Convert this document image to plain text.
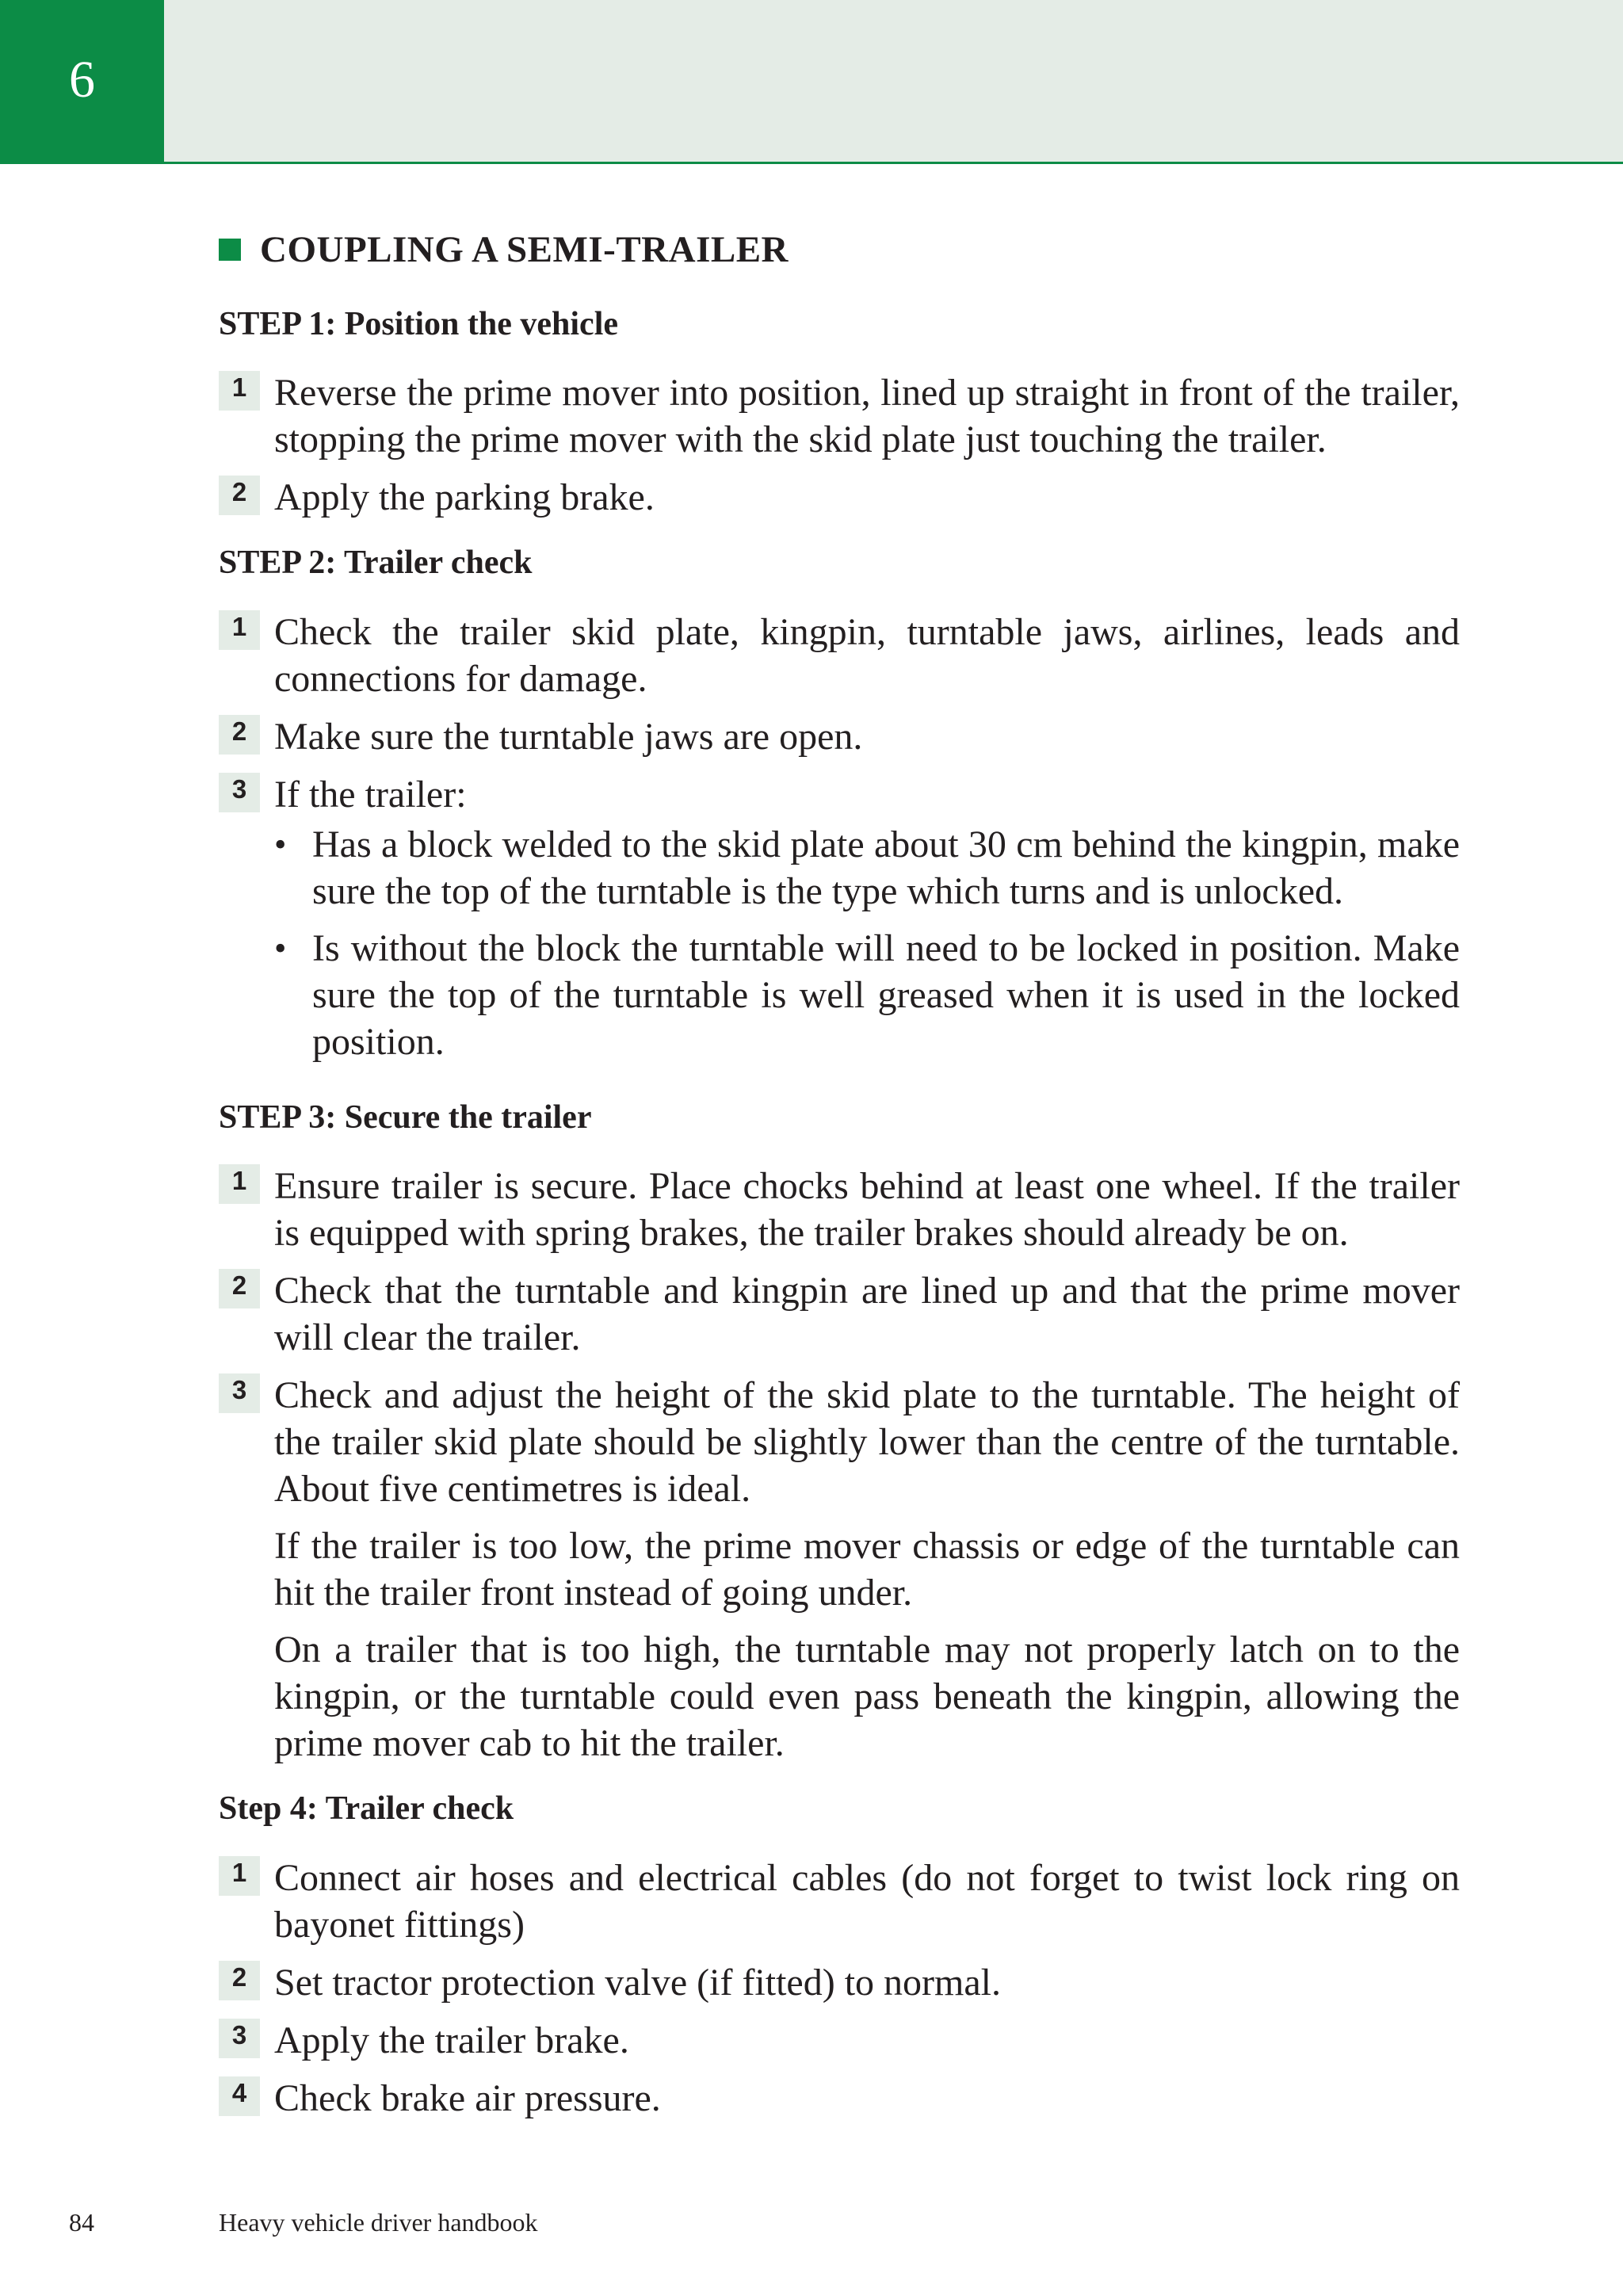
6
COUPLING A SEMI-TRAILER
STEP 1: Position the vehicle
1 Reverse the prime mover into position, lined up straight in front of the trailer, stopping the prime mover with the skid plate just touching the trailer.
2 Apply the parking brake.
STEP 2: Trailer check
1 Check the trailer skid plate, kingpin, turntable jaws, airlines, leads and connections for damage.
2 Make sure the turntable jaws are open.
3 If the trailer:
• Has a block welded to the skid plate about 30 cm behind the kingpin, make sure the top of the turntable is the type which turns and is unlocked.
• Is without the block the turntable will need to be locked in position. Make sure the top of the turntable is well greased when it is used in the locked position.
STEP 3: Secure the trailer
1 Ensure trailer is secure. Place chocks behind at least one wheel. If the trailer is equipped with spring brakes, the trailer brakes should already be on.
2 Check that the turntable and kingpin are lined up and that the prime mover will clear the trailer.
3 Check and adjust the height of the skid plate to the turntable. The height of the trailer skid plate should be slightly lower than the centre of the turntable. About five centimetres is ideal.

If the trailer is too low, the prime mover chassis or edge of the turntable can hit the trailer front instead of going under.

On a trailer that is too high, the turntable may not properly latch on to the kingpin, or the turntable could even pass beneath the kingpin, allowing the prime mover cab to hit the trailer.

Step 4: Trailer check
1 Connect air hoses and electrical cables (do not forget to twist lock ring on bayonet fittings)
2 Set tractor protection valve (if fitted) to normal.
3 Apply the trailer brake.
4 Check brake air pressure.
84	Heavy vehicle driver handbook
